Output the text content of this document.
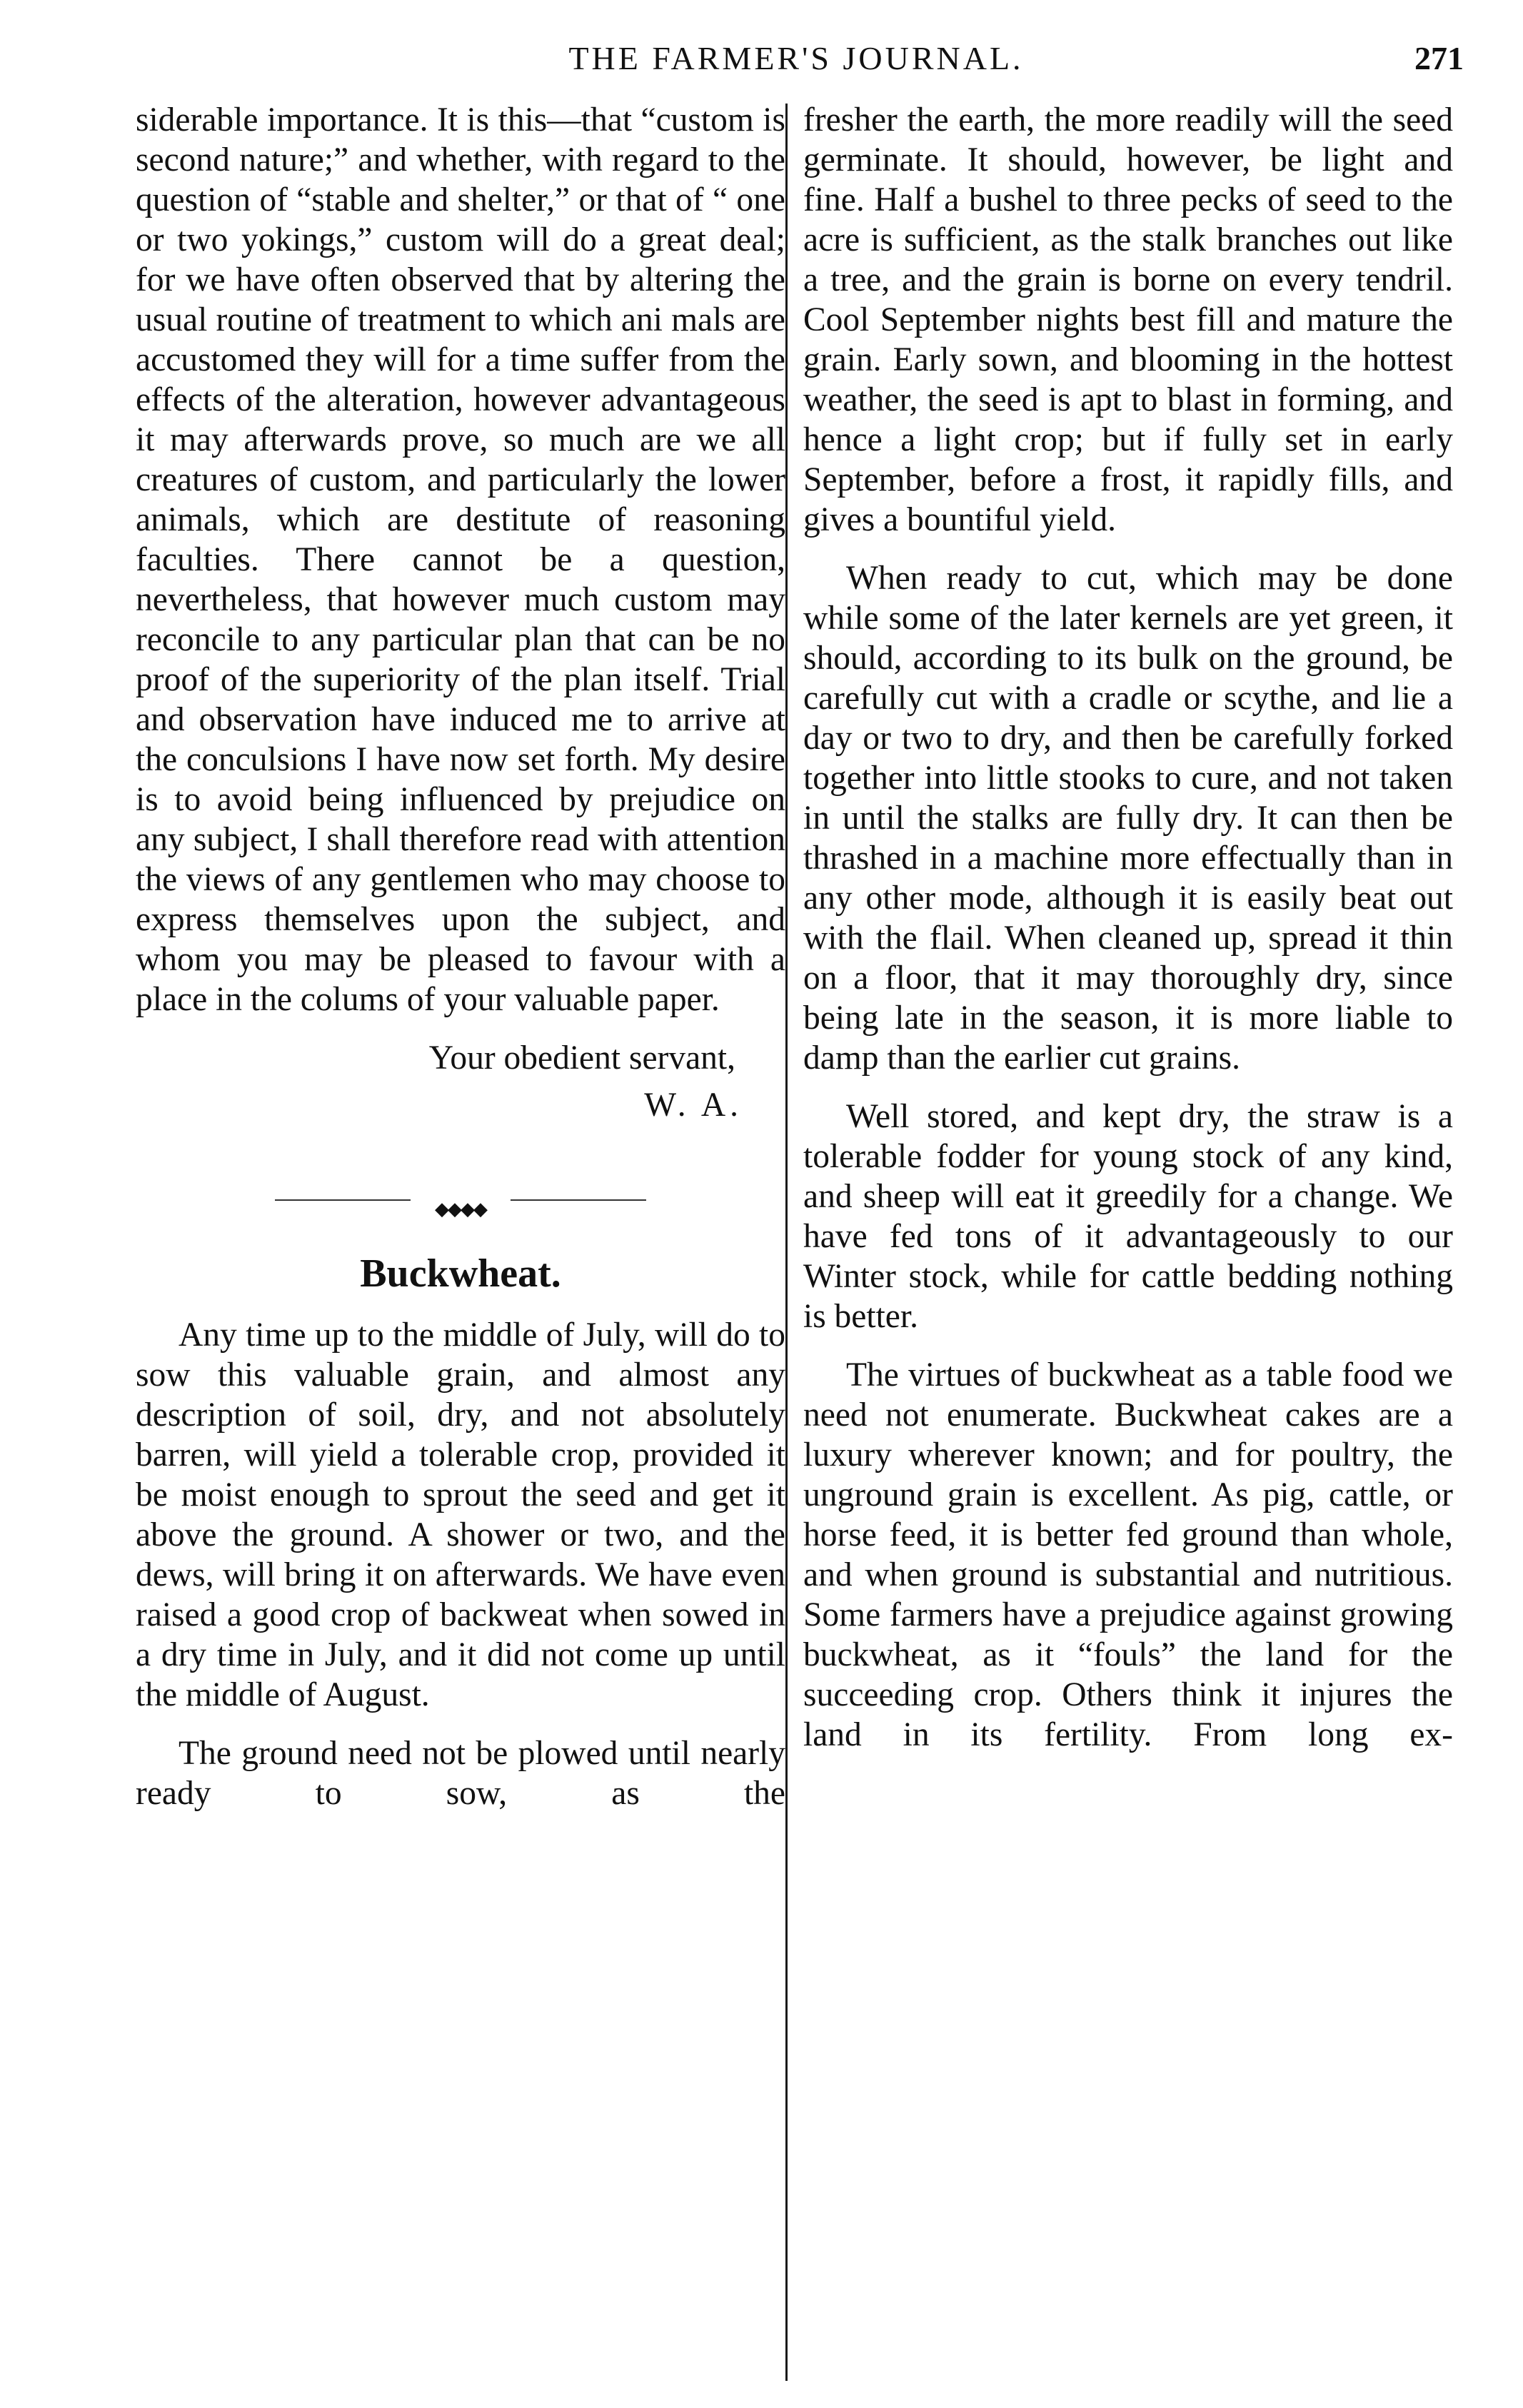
THE FARMER'S JOURNAL.	271

siderable importance. It is this—that “custom is second nature;” and whether, with regard to the question of “stable and shelter,” or that of “ one or two yokings,” custom will do a great deal; for we have often observed that by altering the usual routine of treatment to which ani mals are accustomed they will for a time suffer from the effects of the alteration, however advantageous it may afterwards prove, so much are we all creatures of custom, and particularly the lower animals, which are destitute of reasoning faculties. There cannot be a question, nevertheless, that however much custom may reconcile to any particular plan that can be no proof of the superiority of the plan itself. Trial and observation have induced me to arrive at the conculsions I have now set forth. My desire is to avoid being influenced by prejudice on any subject, I shall therefore read with attention the views of any gentlemen who may choose to express themselves upon the subject, and whom you may be pleased to favour with a place in the colums of your valuable paper.

Your obedient servant,
W. A.
◆◆◆◆
Buckwheat.

Any time up to the middle of July, will do to sow this valuable grain, and almost any description of soil, dry, and not absolutely barren, will yield a tolerable crop, provided it be moist enough to sprout the seed and get it above the ground. A shower or two, and the dews, will bring it on afterwards. We have even raised a good crop of backweat when sowed in a dry time in July, and it did not come up until the middle of August.

The ground need not be plowed until nearly ready to sow, as the

fresher the earth, the more readily will the seed germinate. It should, however, be light and fine. Half a bushel to three pecks of seed to the acre is sufficient, as the stalk branches out like a tree, and the grain is borne on every tendril. Cool September nights best fill and mature the grain. Early sown, and blooming in the hottest weather, the seed is apt to blast in forming, and hence a light crop; but if fully set in early September, before a frost, it rapidly fills, and gives a bountiful yield.

When ready to cut, which may be done while some of the later kernels are yet green, it should, according to its bulk on the ground, be carefully cut with a cradle or scythe, and lie a day or two to dry, and then be carefully forked together into little stooks to cure, and not taken in until the stalks are fully dry. It can then be thrashed in a machine more effectually than in any other mode, although it is easily beat out with the flail. When cleaned up, spread it thin on a floor, that it may thoroughly dry, since being late in the season, it is more liable to damp than the earlier cut grains.

Well stored, and kept dry, the straw is a tolerable fodder for young stock of any kind, and sheep will eat it greedily for a change. We have fed tons of it advantageously to our Winter stock, while for cattle bedding nothing is better.

The virtues of buckwheat as a table food we need not enumerate. Buckwheat cakes are a luxury wherever known; and for poultry, the unground grain is excellent. As pig, cattle, or horse feed, it is better fed ground than whole, and when ground is substantial and nutritious. Some farmers have a prejudice against growing buckwheat, as it “fouls” the land for the succeeding crop. Others think it injures the land in its fertility. From long ex-
